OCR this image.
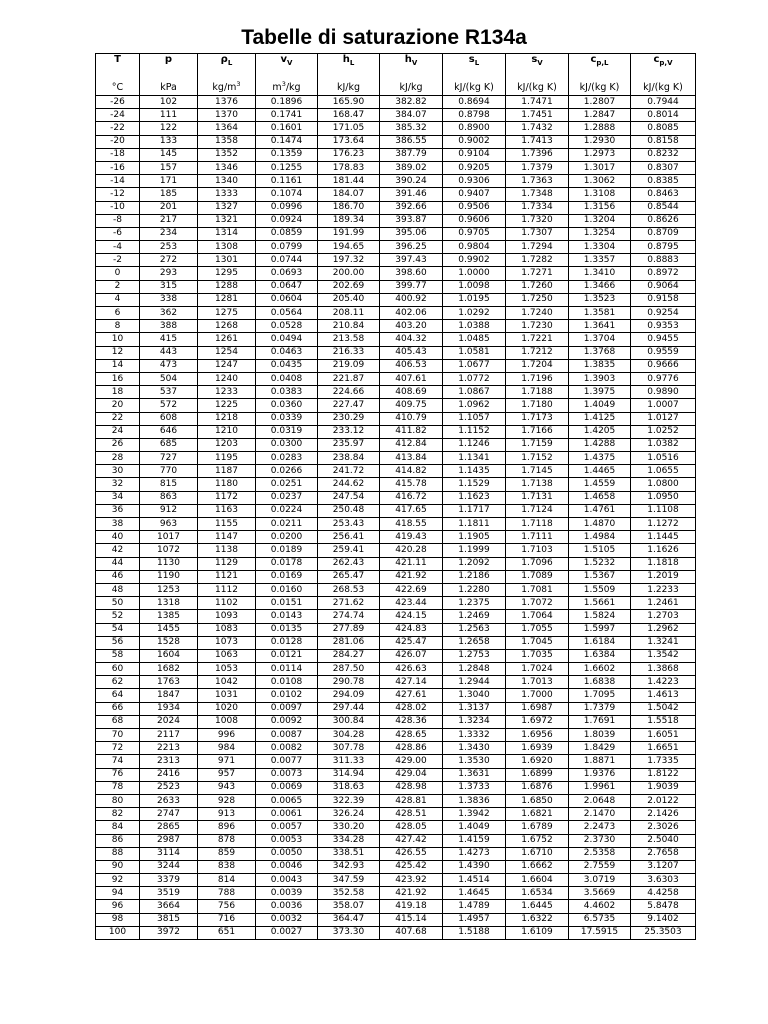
Tabelle di saturazione R134a
T	p	$\rho_L$	$v_V$	$h_L$	$h_V$	$s_L$	$s_V$	$c_{p,L}$	$c_{p,V}$
°C	kPa	$kg/m^3$	$m^3/kg$	kJ/kg	kJ/kg	kJ/(kg K)	kJ/(kg K)	kJ/(kg K)	kJ/(kg K)
-26	102	1376	0.1896	165.90	382.82	0.8694	1.7471	1.2807	0.7944
-24	111	1370	0.1741	168.47	384.07	0.8798	1.7451	1.2847	0.8014
-22	122	1364	0.1601	171.05	385.32	0.8900	1.7432	1.2888	0.8085
-20	133	1358	0.1474	173.64	386.55	0.9002	1.7413	1.2930	0.8158
-18	145	1352	0.1359	176.23	387.79	0.9104	1.7396	1.2973	0.8232
-16	157	1346	0.1255	178.83	389.02	0.9205	1.7379	1.3017	0.8307
-14	171	1340	0.1161	181.44	390.24	0.9306	1.7363	1.3062	0.8385
-12	185	1333	0.1074	184.07	391.46	0.9407	1.7348	1.3108	0.8463
-10	201	1327	0.0996	186.70	392.66	0.9506	1.7334	1.3156	0.8544
-8	217	1321	0.0924	189.34	393.87	0.9606	1.7320	1.3204	0.8626
-6	234	1314	0.0859	191.99	395.06	0.9705	1.7307	1.3254	0.8709
-4	253	1308	0.0799	194.65	396.25	0.9804	1.7294	1.3304	0.8795
-2	272	1301	0.0744	197.32	397.43	0.9902	1.7282	1.3357	0.8883
0	293	1295	0.0693	200.00	398.60	1.0000	1.7271	1.3410	0.8972
2	315	1288	0.0647	202.69	399.77	1.0098	1.7260	1.3466	0.9064
4	338	1281	0.0604	205.40	400.92	1.0195	1.7250	1.3523	0.9158
6	362	1275	0.0564	208.11	402.06	1.0292	1.7240	1.3581	0.9254
8	388	1268	0.0528	210.84	403.20	1.0388	1.7230	1.3641	0.9353
10	415	1261	0.0494	213.58	404.32	1.0485	1.7221	1.3704	0.9455
12	443	1254	0.0463	216.33	405.43	1.0581	1.7212	1.3768	0.9559
14	473	1247	0.0435	219.09	406.53	1.0677	1.7204	1.3835	0.9666
16	504	1240	0.0408	221.87	407.61	1.0772	1.7196	1.3903	0.9776
18	537	1233	0.0383	224.66	408.69	1.0867	1.7188	1.3975	0.9890
20	572	1225	0.0360	227.47	409.75	1.0962	1.7180	1.4049	1.0007
22	608	1218	0.0339	230.29	410.79	1.1057	1.7173	1.4125	1.0127
24	646	1210	0.0319	233.12	411.82	1.1152	1.7166	1.4205	1.0252
26	685	1203	0.0300	235.97	412.84	1.1246	1.7159	1.4288	1.0382
28	727	1195	0.0283	238.84	413.84	1.1341	1.7152	1.4375	1.0516
30	770	1187	0.0266	241.72	414.82	1.1435	1.7145	1.4465	1.0655
32	815	1180	0.0251	244.62	415.78	1.1529	1.7138	1.4559	1.0800
34	863	1172	0.0237	247.54	416.72	1.1623	1.7131	1.4658	1.0950
36	912	1163	0.0224	250.48	417.65	1.1717	1.7124	1.4761	1.1108
38	963	1155	0.0211	253.43	418.55	1.1811	1.7118	1.4870	1.1272
40	1017	1147	0.0200	256.41	419.43	1.1905	1.7111	1.4984	1.1445
42	1072	1138	0.0189	259.41	420.28	1.1999	1.7103	1.5105	1.1626
44	1130	1129	0.0178	262.43	421.11	1.2092	1.7096	1.5232	1.1818
46	1190	1121	0.0169	265.47	421.92	1.2186	1.7089	1.5367	1.2019
48	1253	1112	0.0160	268.53	422.69	1.2280	1.7081	1.5509	1.2233
50	1318	1102	0.0151	271.62	423.44	1.2375	1.7072	1.5661	1.2461
52	1385	1093	0.0143	274.74	424.15	1.2469	1.7064	1.5824	1.2703
54	1455	1083	0.0135	277.89	424.83	1.2563	1.7055	1.5997	1.2962
56	1528	1073	0.0128	281.06	425.47	1.2658	1.7045	1.6184	1.3241
58	1604	1063	0.0121	284.27	426.07	1.2753	1.7035	1.6384	1.3542
60	1682	1053	0.0114	287.50	426.63	1.2848	1.7024	1.6602	1.3868
62	1763	1042	0.0108	290.78	427.14	1.2944	1.7013	1.6838	1.4223
64	1847	1031	0.0102	294.09	427.61	1.3040	1.7000	1.7095	1.4613
66	1934	1020	0.0097	297.44	428.02	1.3137	1.6987	1.7379	1.5042
68	2024	1008	0.0092	300.84	428.36	1.3234	1.6972	1.7691	1.5518
70	2117	996	0.0087	304.28	428.65	1.3332	1.6956	1.8039	1.6051
72	2213	984	0.0082	307.78	428.86	1.3430	1.6939	1.8429	1.6651
74	2313	971	0.0077	311.33	429.00	1.3530	1.6920	1.8871	1.7335
76	2416	957	0.0073	314.94	429.04	1.3631	1.6899	1.9376	1.8122
78	2523	943	0.0069	318.63	428.98	1.3733	1.6876	1.9961	1.9039
80	2633	928	0.0065	322.39	428.81	1.3836	1.6850	2.0648	2.0122
82	2747	913	0.0061	326.24	428.51	1.3942	1.6821	2.1470	2.1426
84	2865	896	0.0057	330.20	428.05	1.4049	1.6789	2.2473	2.3026
86	2987	878	0.0053	334.28	427.42	1.4159	1.6752	2.3730	2.5040
88	3114	859	0.0050	338.51	426.55	1.4273	1.6710	2.5358	2.7658
90	3244	838	0.0046	342.93	425.42	1.4390	1.6662	2.7559	3.1207
92	3379	814	0.0043	347.59	423.92	1.4514	1.6604	3.0719	3.6303
94	3519	788	0.0039	352.58	421.92	1.4645	1.6534	3.5669	4.4258
96	3664	756	0.0036	358.07	419.18	1.4789	1.6445	4.4602	5.8478
98	3815	716	0.0032	364.47	415.14	1.4957	1.6322	6.5735	9.1402
100	3972	651	0.0027	373.30	407.68	1.5188	1.6109	17.5915	25.3503
